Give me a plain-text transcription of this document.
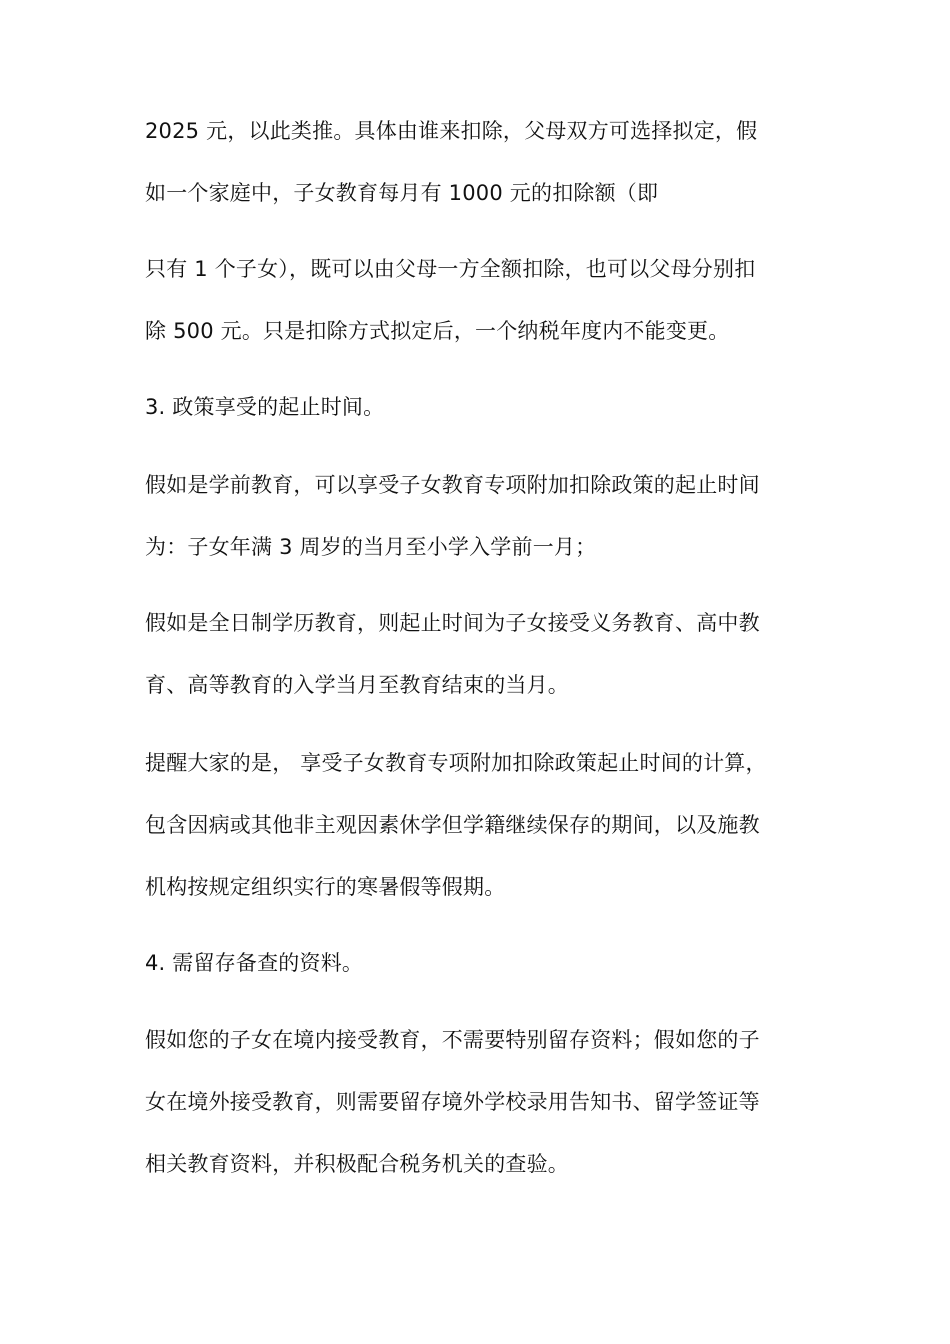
2025 元，以此类推。具体由谁来扣除，父母双方可选择拟定，假
如一个家庭中，子女教育每月有 1000 元的扣除额（即
只有 1 个子女），既可以由父母一方全额扣除，也可以父母分别扣
除 500 元。只是扣除方式拟定后，一个纳税年度内不能变更。
3. 政策享受的起止时间。
假如是学前教育，可以享受子女教育专项附加扣除政策的起止时间
为：子女年满 3 周岁的当月至小学入学前一月；
假如是全日制学历教育，则起止时间为子女接受义务教育、高中教
育、高等教育的入学当月至教育结束的当月。
提醒大家的是， 享受子女教育专项附加扣除政策起止时间的计算，
包含因病或其他非主观因素休学但学籍继续保存的期间，以及施教
机构按规定组织实行的寒暑假等假期。
4. 需留存备查的资料。
假如您的子女在境内接受教育，不需要特别留存资料；假如您的子
女在境外接受教育，则需要留存境外学校录用告知书、留学签证等
相关教育资料，并积极配合税务机关的查验。
